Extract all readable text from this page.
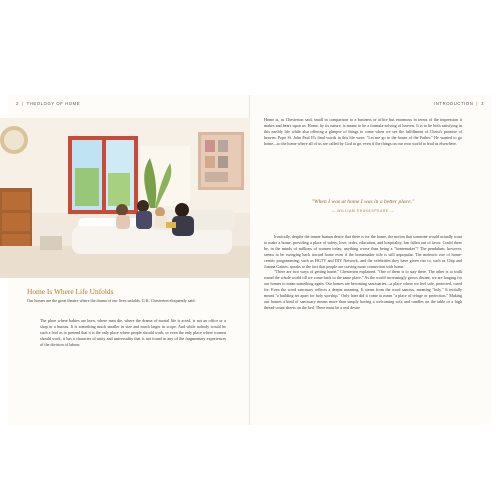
2 | THEOLOGY OF HOME	INTRODUCTION | 3
Home Is Where Life Unfolds

Our homes are the great theatre where the drama of our lives unfolds. G.K. Chesterton eloquently said:

The place where babies are born, where men die, where the drama of mortal life is acted, is not an office or a shop or a bureau. It is something much smaller in size and much larger in scope. And while nobody would be such a fool as to pretend that it is the only place where people should work, or even the only place where women should work, it has a character of unity and universality that is not found in any of the fragmentary experiences of the division of labour.

Home is, as Chesterton said, small in comparison to a business or office but enormous in terms of the impression it makes and bears upon us. Home, by its nature, is meant to be a formula-solving of heaven. It is to be both satisfying in this earthly life while also offering a glimpse of things to come when we see the fulfillment of Christ's promise of heaven. Pope St. John Paul II's final words in this life were: "Let me go to the house of the Father." He wanted to go home—to the home where all of us are called by God to go, even if the things on our own world to lead us elsewhere.

"When I was at home I was in a better place."
— WILLIAM SHAKESPEARE —

Ironically, despite the innate human desire that there is for the home, the notion that someone would actually want to make a home, providing a place of safety, love, order, education, and hospitality, has fallen out of favor. Could there be, in the minds of millions of women today, anything worse than being a "homemaker"? The pendulum, however, seems to be swinging back toward home even if the homemaker title is still unpopular. The meteoric rise of home-centric programming, such as HGTV and DIY Network, and the celebrities they have given rise to, such as Chip and Joanna Gaines, speaks to the fact that people are craving more connection with home.

"There are two ways of getting home," Chesterton explained. "One of them is to stay there. The other is to walk round the whole world till we come back to the same place." As the world increasingly grows distant, we are longing for our homes to mean something again. Our homes are becoming sanctuaries—a place where we feel safe, protected, cared for. Even the word sanctuary reflects a deeper meaning. It stems from the word sanctus, meaning "holy." It initially meant "a building set apart for holy worship." Only later did it come to mean "a place of refuge or protection." Making our homes a kind of sanctuary means more than simply having a welcoming sofa and candles on the table or a high thread-count sheets on the bed. There must be a real desire
